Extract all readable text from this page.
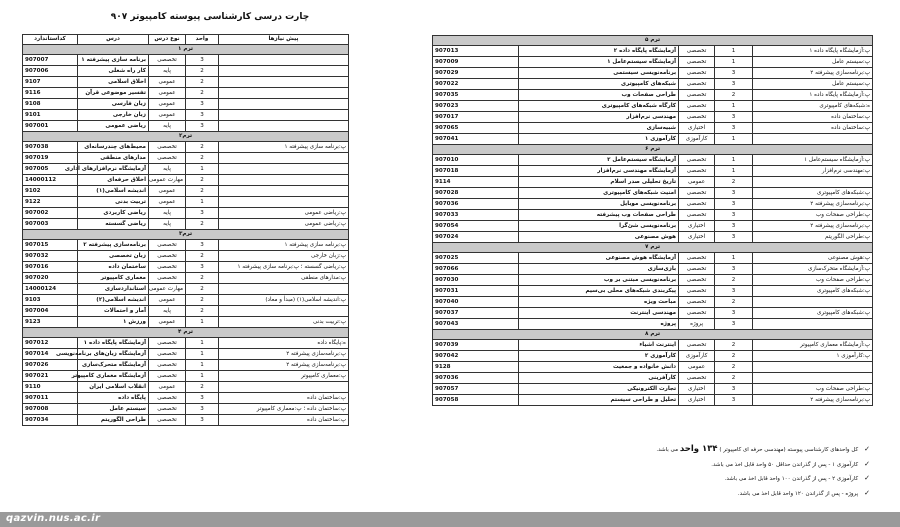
چارت درسی کارشناسی پیوسته کامپیوتر ۹۰۷
پیش نیازها	واحد	نوع درس	درس	کداستاندارد
ترم ۱				
	3	تخصصی	برنامه سازی پیشرفته ۱	907007
	2	پایه	کار راه شغلی	907006
	2	عمومی	اخلاق اسلامی	9107
	2	عمومی	تفسیر موضوعی قرآن	9116
	3	عمومی	زبان فارسی	9108
	3	عمومی	زبان خارجی	9101
	3	پایه	ریاضی عمومی	907001
ترم۲				
پ:برنامه سازی پیشرفته ۱	2	تخصصی	محیط‌های چندرسانه‌ای	907038
	2	تخصصی	مدارهای منطقی	907019
	1	پایه	آزمایشگاه نرم‌افزارهای اداری	907005
	2	مهارت عمومی	اخلاق حرفه‌ای	14000112
	2	عمومی	اندیشه اسلامی(۱)	9102
	1	عمومی	تربیت بدنی	9122
پ:ریاضی عمومی	3	پایه	ریاضی کاربردی	907002
پ:ریاضی عمومی	2	پایه	ریاضی گسسته	907003
ترم۳				
پ:برنامه سازی پیشرفته ۱	3	تخصصی	برنامه‌سازی پیشرفته ۲	907015
پ:زبان خارجی	2	تخصصی	زبان تخصصی	907032
پ:ریاضی گسسته ؛ پ:برنامه سازی پیشرفته ۱	3	تخصصی	ساختمان داده	907016
پ:مدارهای منطقی	2	تخصصی	معماری کامپیوتر	907020
	2	مهارت عمومی	استانداردسازی	14000124
پ:اندیشه اسلامی(۱) (مبدأ و معاد)	2	عمومی	اندیشه اسلامی(۲)	9103
	2	پایه	آمار و احتمالات	907004
پ:تربیت بدنی	1	عمومی	ورزش ۱	9123
ترم ۴				
ه:پایگاه داده	1	تخصصی	آزمایشگاه پایگاه داده ۱	907012
پ:برنامه‌سازی پیشرفته ۲	1	تخصصی	آزمایشگاه زبان‌های برنامه‌نویسی	907014
پ:برنامه‌سازی پیشرفته ۲	1	تخصصی	آزمایشگاه متحرک‌سازی	907026
پ:معماری کامپیوتر	1	تخصصی	آزمایشگاه معماری کامپیوتر	907021
	2	عمومی	انقلاب اسلامی ایران	9110
پ:ساختمان داده	3	تخصصی	پایگاه داده	907011
پ:ساختمان داده ؛ پ:معماری کامپیوتر	3	تخصصی	سیستم عامل	907008
پ:ساختمان داده	3	تخصصی	طراحی الگوریتم	907034
ترم ۵				
پ:آزمایشگاه پایگاه داده ۱	1	تخصصی	آزمایشگاه پایگاه داده ۲	907013
پ:سیستم عامل	1	تخصصی	آزمایشگاه سیستم‌عامل ۱	907009
پ:برنامه‌سازی پیشرفته ۲	3	تخصصی	برنامه‌نویسی سیستمی	907029
پ:سیستم عامل	3	تخصصی	شبکه‌های کامپیوتری	907022
پ:آزمایشگاه پایگاه داده ۱	2	تخصصی	طراحی صفحات وب	907035
ه:شبکه‌های کامپیوتری	1	تخصصی	کارگاه شبکه‌های کامپیوتری	907023
پ:ساختمان داده	3	تخصصی	مهندسی نرم‌افزار	907017
پ:ساختمان داده	3	اختیاری	شبیه‌سازی	907065
	1	کارآموزی	کارآموزی ۱	907041
ترم ۶				
پ:آزمایشگاه سیستم‌عامل ۱	1	تخصصی	آزمایشگاه سیستم‌عامل ۲	907010
پ:مهندسی نرم‌افزار	1	تخصصی	آزمایشگاه مهندسی نرم‌افزار	907018
	2	عمومی	تاریخ تحلیلی صدر اسلام	9114
پ:شبکه‌های کامپیوتری	3	تخصصی	امنیت شبکه‌های کامپیوتری	907028
پ:برنامه‌سازی پیشرفته ۲	3	تخصصی	برنامه‌نویسی موبایل	907036
پ:طراحی صفحات وب	3	تخصصی	طراحی صفحات وب پیشرفته	907033
پ:برنامه‌سازی پیشرفته ۲	3	اختیاری	برنامه‌نویسی شئ‌گرا	907054
پ:طراحی الگوریتم	3	اختیاری	هوش مصنوعی	907024
ترم ۷				
پ:هوش مصنوعی	1	تخصصی	آزمایشگاه هوش مصنوعی	907025
پ:آزمایشگاه متحرک‌سازی	3	تخصصی	بازی‌سازی	907066
پ:طراحی صفحات وب	2	تخصصی	برنامه‌نویسی مبتنی بر وب	907030
پ:شبکه‌های کامپیوتری	3	تخصصی	پیکربندی شبکه‌های محلی بی‌سیم	907031
	2	تخصصی	مباحث ویژه	907040
پ:شبکه‌های کامپیوتری	3	تخصصی	مهندسی اینترنت	907037
	3	پروژه	پروژه	907043
ترم ۸				
پ:آزمایشگاه معماری کامپیوتر	2	تخصصی	اینترنت اشیاء	907039
پ:کارآموزی ۱	2	کارآموزی	کارآموزی ۲	907042
	2	عمومی	دانش خانواده و جمعیت	9128
	2	تخصصی	کارآفرینی	907036
پ:طراحی صفحات وب	3	اختیاری	تجارت الکترونیکی	907057
پ:برنامه‌سازی پیشرفته ۲	3	اختیاری	تحلیل و طراحی سیستم	907058
✓کل واحدهای کارشناسی پیوسته (مهندسی حرفه ای کامپیوتر ) ۱۳۴ واحد می باشد.
✓کارآموزی ۱ - پس از گذراندن حداقل ۵۰ واحد قابل اخذ می باشد.
✓کارآموزی ۲ - پس از گذراندن ۱۰۰ واحد قابل اخذ می باشد.
✓پروژه - پس از گذراندن ۱۲۰ واحد قابل اخذ می باشد.
qazvin.nus.ac.ir
